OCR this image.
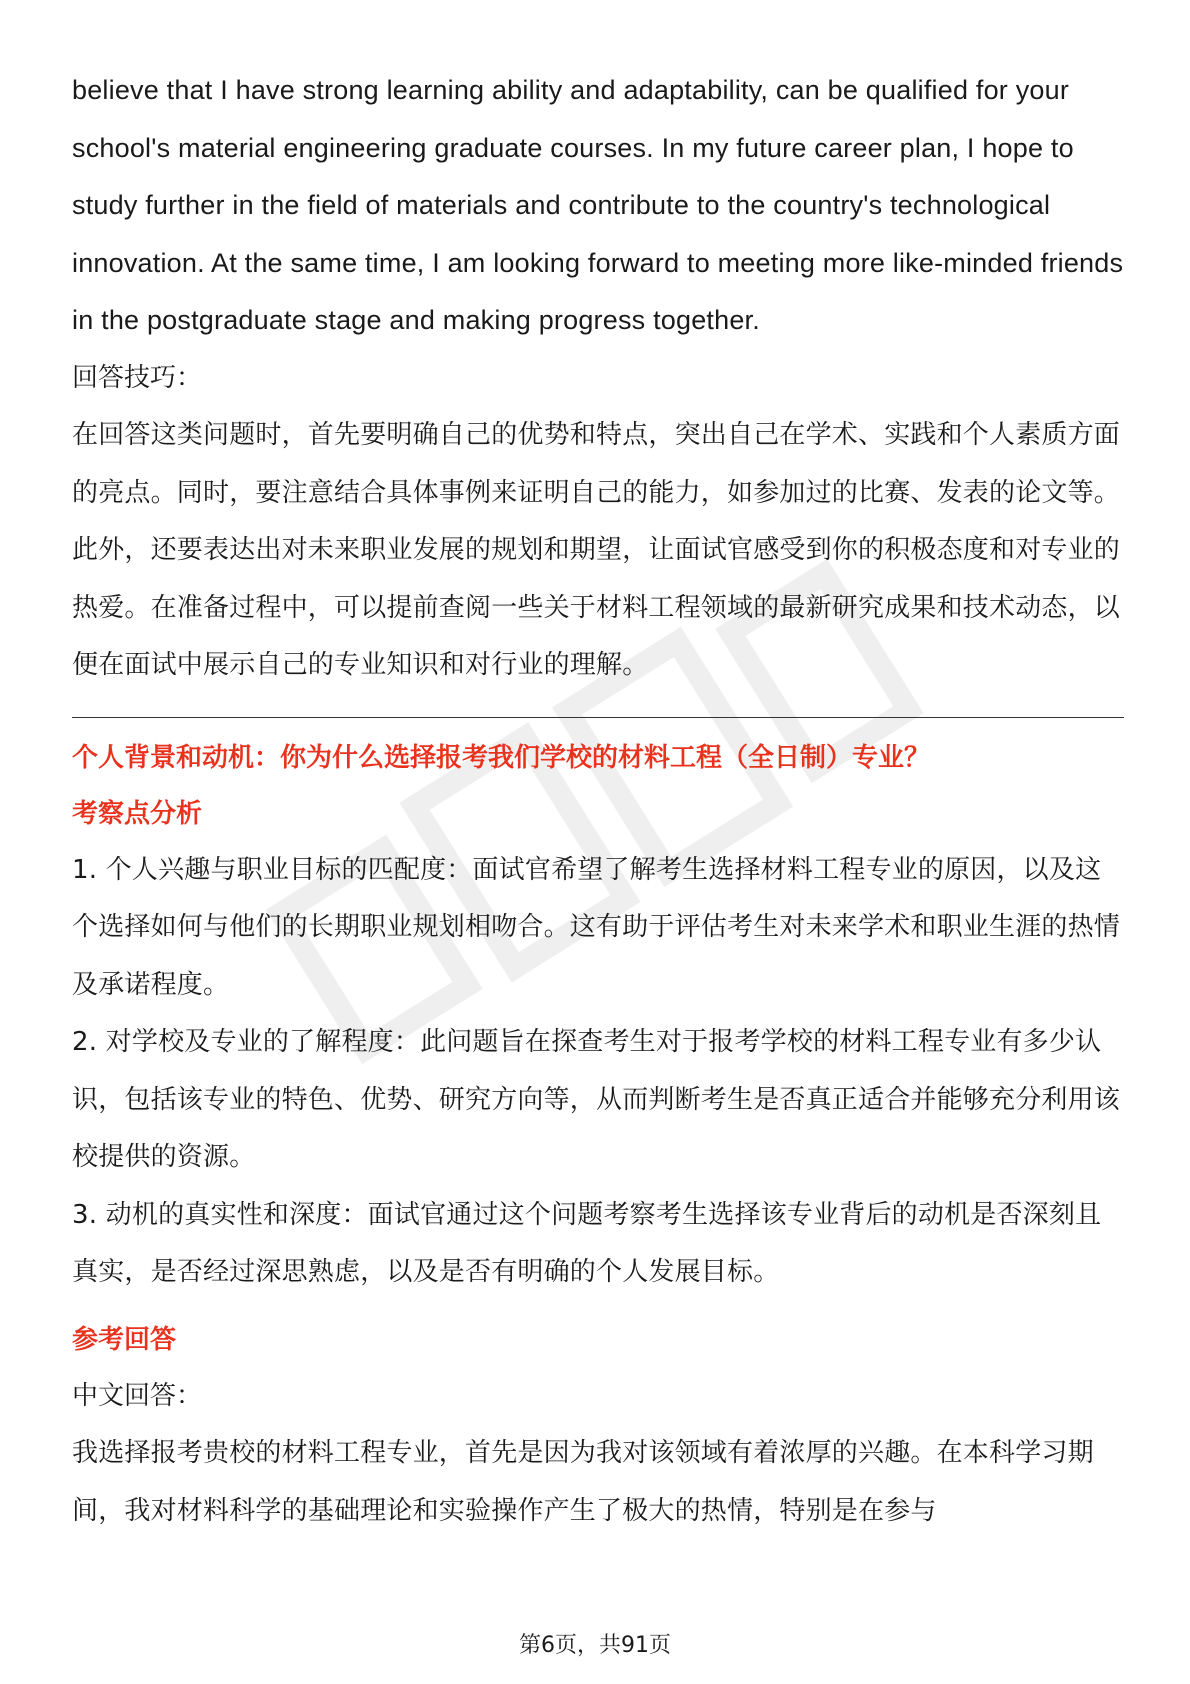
believe that I have strong learning ability and adaptability, can be qualified for your school's material engineering graduate courses. In my future career plan, I hope to study further in the field of materials and contribute to the country's technological innovation. At the same time, I am looking forward to meeting more like-minded friends in the postgraduate stage and making progress together.

回答技巧：

在回答这类问题时，首先要明确自己的优势和特点，突出自己在学术、实践和个人素质方面的亮点。同时，要注意结合具体事例来证明自己的能力，如参加过的比赛、发表的论文等。此外，还要表达出对未来职业发展的规划和期望，让面试官感受到你的积极态度和对专业的热爱。在准备过程中，可以提前查阅一些关于材料工程领域的最新研究成果和技术动态，以便在面试中展示自己的专业知识和对行业的理解。

个人背景和动机：你为什么选择报考我们学校的材料工程（全日制）专业？

考察点分析

1. 个人兴趣与职业目标的匹配度：面试官希望了解考生选择材料工程专业的原因，以及这个选择如何与他们的长期职业规划相吻合。这有助于评估考生对未来学术和职业生涯的热情及承诺程度。

2. 对学校及专业的了解程度：此问题旨在探查考生对于报考学校的材料工程专业有多少认识，包括该专业的特色、优势、研究方向等，从而判断考生是否真正适合并能够充分利用该校提供的资源。

3. 动机的真实性和深度：面试官通过这个问题考察考生选择该专业背后的动机是否深刻且真实，是否经过深思熟虑，以及是否有明确的个人发展目标。

参考回答

中文回答：

我选择报考贵校的材料工程专业，首先是因为我对该领域有着浓厚的兴趣。在本科学习期间，我对材料科学的基础理论和实验操作产生了极大的热情，特别是在参与

第6页，共91页
